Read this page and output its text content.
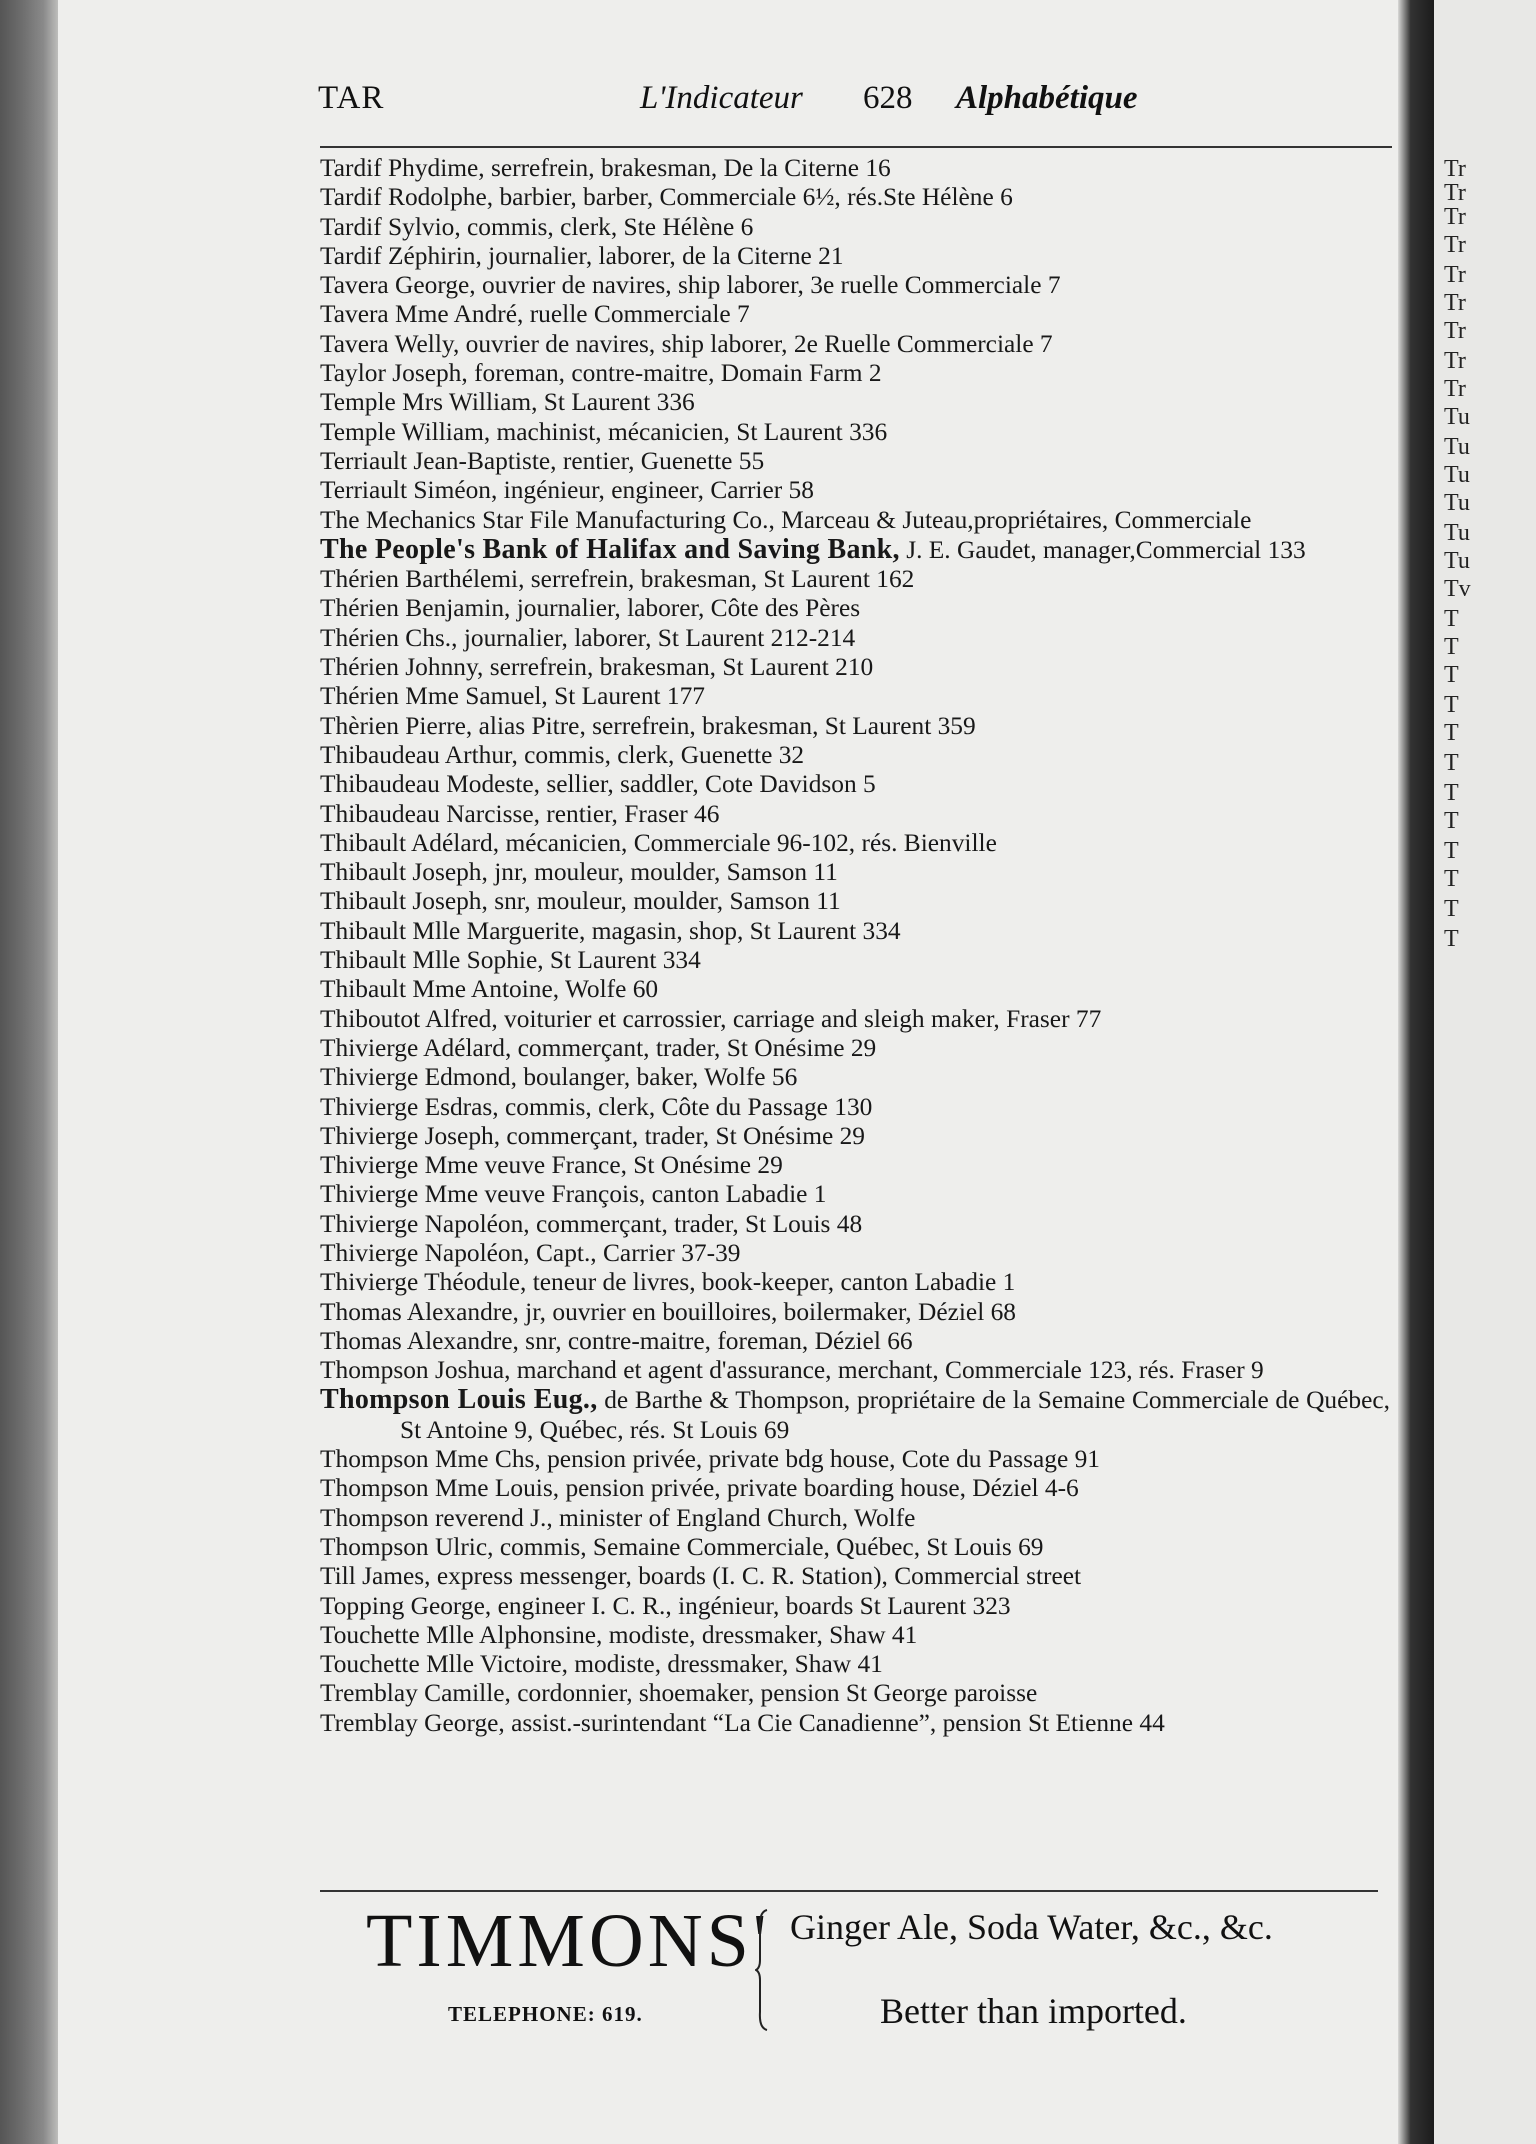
TAR	L'Indicateur 628 Alphabétique
Tardif Phydime, serrefrein, brakesman, De la Citerne 16
Tardif Rodolphe, barbier, barber, Commerciale 6½, rés.Ste Hélène 6
Tardif Sylvio, commis, clerk, Ste Hélène 6
Tardif Zéphirin, journalier, laborer, de la Citerne 21
Tavera George, ouvrier de navires, ship laborer, 3e ruelle Commerciale 7
Tavera Mme André, ruelle Commerciale 7
Tavera Welly, ouvrier de navires, ship laborer, 2e Ruelle Commerciale 7
Taylor Joseph, foreman, contre-maitre, Domain Farm 2
Temple Mrs William, St Laurent 336
Temple William, machinist, mécanicien, St Laurent 336
Terriault Jean-Baptiste, rentier, Guenette 55
Terriault Siméon, ingénieur, engineer, Carrier 58
The Mechanics Star File Manufacturing Co., Marceau & Juteau,propriétaires, Commerciale
The People's Bank of Halifax and Saving Bank, J. E. Gaudet, manager,Commercial 133
Thérien Barthélemi, serrefrein, brakesman, St Laurent 162
Thérien Benjamin, journalier, laborer, Côte des Pères
Thérien Chs., journalier, laborer, St Laurent 212-214
Thérien Johnny, serrefrein, brakesman, St Laurent 210
Thérien Mme Samuel, St Laurent 177
Thèrien Pierre, alias Pitre, serrefrein, brakesman, St Laurent 359
Thibaudeau Arthur, commis, clerk, Guenette 32
Thibaudeau Modeste, sellier, saddler, Cote Davidson 5
Thibaudeau Narcisse, rentier, Fraser 46
Thibault Adélard, mécanicien, Commerciale 96-102, rés. Bienville
Thibault Joseph, jnr, mouleur, moulder, Samson 11
Thibault Joseph, snr, mouleur, moulder, Samson 11
Thibault Mlle Marguerite, magasin, shop, St Laurent 334
Thibault Mlle Sophie, St Laurent 334
Thibault Mme Antoine, Wolfe 60
Thiboutot Alfred, voiturier et carrossier, carriage and sleigh maker, Fraser 77
Thivierge Adélard, commerçant, trader, St Onésime 29
Thivierge Edmond, boulanger, baker, Wolfe 56
Thivierge Esdras, commis, clerk, Côte du Passage 130
Thivierge Joseph, commerçant, trader, St Onésime 29
Thivierge Mme veuve France, St Onésime 29
Thivierge Mme veuve François, canton Labadie 1
Thivierge Napoléon, commerçant, trader, St Louis 48
Thivierge Napoléon, Capt., Carrier 37-39
Thivierge Théodule, teneur de livres, book-keeper, canton Labadie 1
Thomas Alexandre, jr, ouvrier en bouilloires, boilermaker, Déziel 68
Thomas Alexandre, snr, contre-maitre, foreman, Déziel 66
Thompson Joshua, marchand et agent d'assurance, merchant, Commerciale 123, rés. Fraser 9
Thompson Louis Eug., de Barthe & Thompson, propriétaire de la Semaine Commerciale de Québec, St Antoine 9, Québec, rés. St Louis 69
Thompson Mme Chs, pension privée, private bdg house, Cote du Passage 91
Thompson Mme Louis, pension privée, private boarding house, Déziel 4-6
Thompson reverend J., minister of England Church, Wolfe
Thompson Ulric, commis, Semaine Commerciale, Québec, St Louis 69
Till James, express messenger, boards (I. C. R. Station), Commercial street
Topping George, engineer I. C. R., ingénieur, boards St Laurent 323
Touchette Mlle Alphonsine, modiste, dressmaker, Shaw 41
Touchette Mlle Victoire, modiste, dressmaker, Shaw 41
Tremblay Camille, cordonnier, shoemaker, pension St George paroisse
Tremblay George, assist.-surintendant “La Cie Canadienne”, pension St Etienne 44
TIMMONS'
TELEPHONE: 619.
Ginger Ale, Soda Water, &c., &c.
Better than imported.
Tr
Tr
Tr
Tr
Tr
Tr
Tr
Tr
Tr
Tu
Tu
Tu
Tu
Tu
Tu
Tv
T
T
T
T
T
T
T
T
T
T
T
T
